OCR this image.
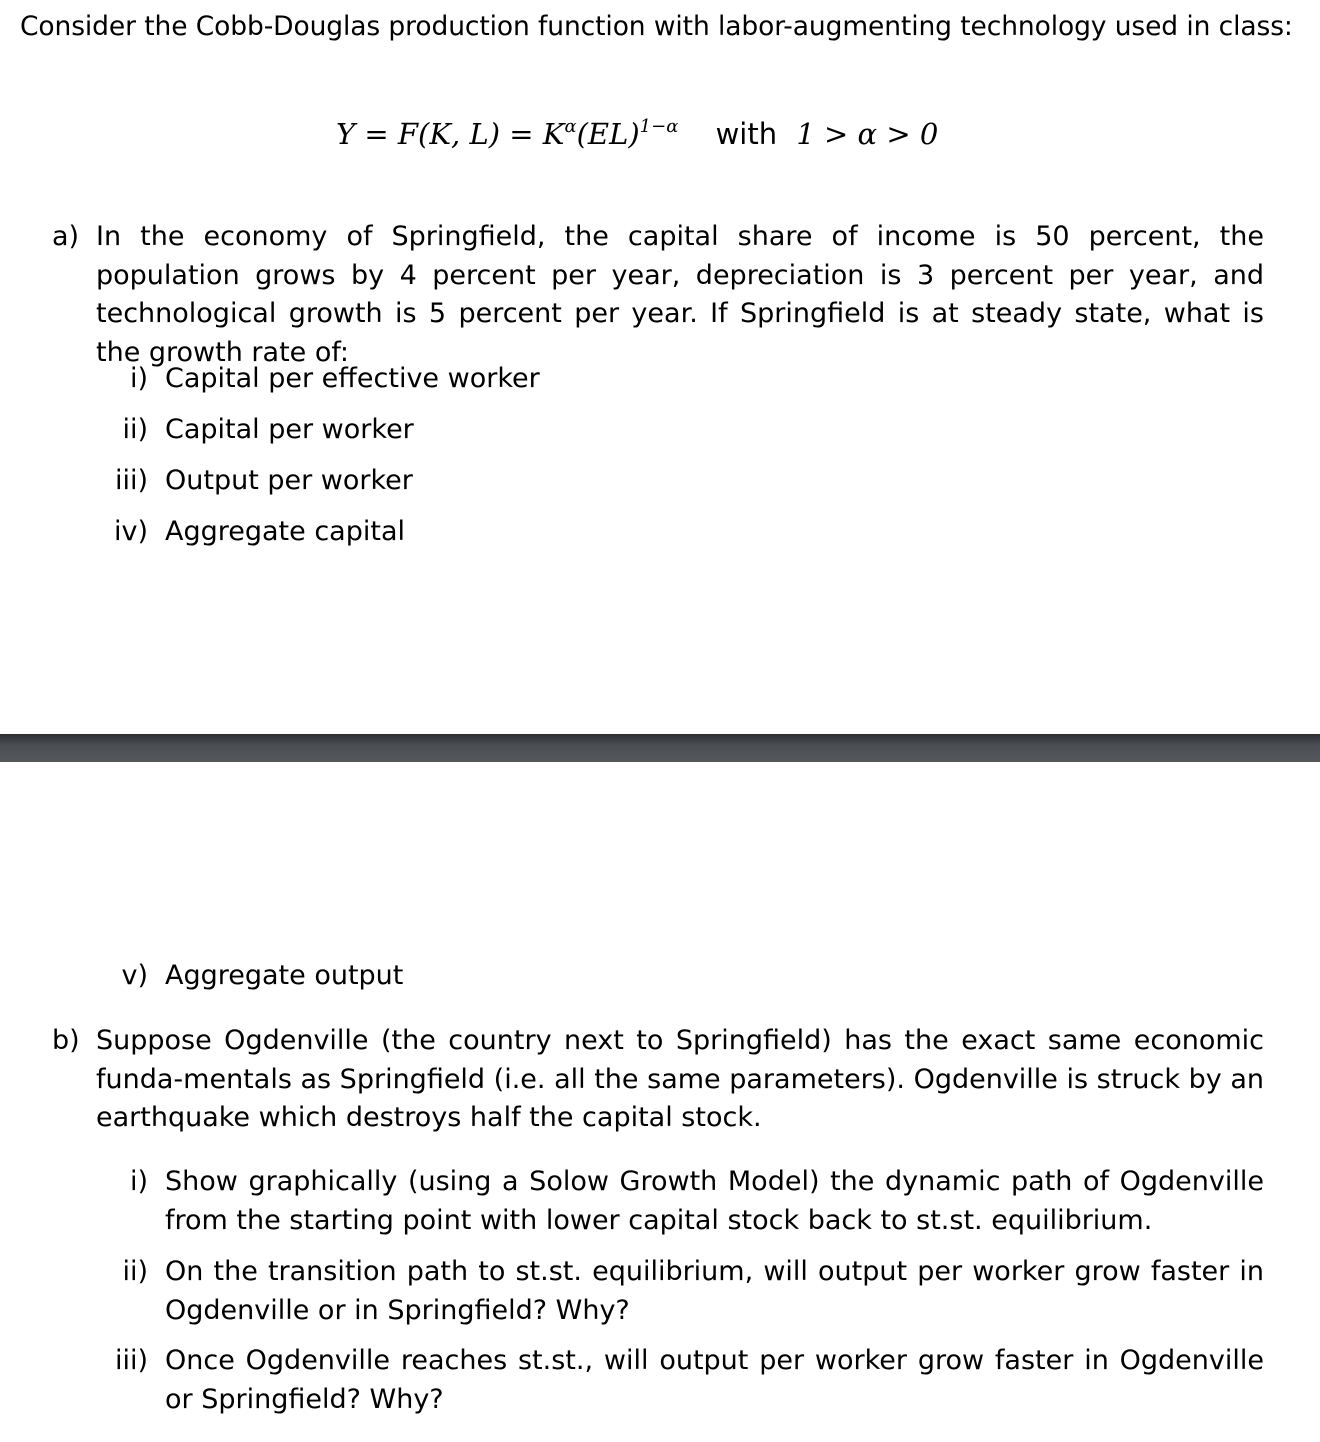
Consider the Cobb-Douglas production function with labor-augmenting technology used in class:
Y = F(K, $L) = K^\alpha(EL)^{1-\alpha}$ with 1 > α > 0
a) In the economy of Springfield, the capital share of income is 50 percent, the population grows by 4 percent per year, depreciation is 3 percent per year, and technological growth is 5 percent per year. If Springfield is at steady state, what is the growth rate of:
i) Capital per effective worker
ii) Capital per worker
iii) Output per worker
iv) Aggregate capital
v) Aggregate output
b) Suppose Ogdenville (the country next to Springfield) has the exact same economic funda-mentals as Springfield (i.e. all the same parameters). Ogdenville is struck by an earthquake which destroys half the capital stock.
i) Show graphically (using a Solow Growth Model) the dynamic path of Ogdenville from the starting point with lower capital stock back to st.st. equilibrium.
ii) On the transition path to st.st. equilibrium, will output per worker grow faster in Ogdenville or in Springfield? Why?
iii) Once Ogdenville reaches st.st., will output per worker grow faster in Ogdenville or Springfield? Why?
